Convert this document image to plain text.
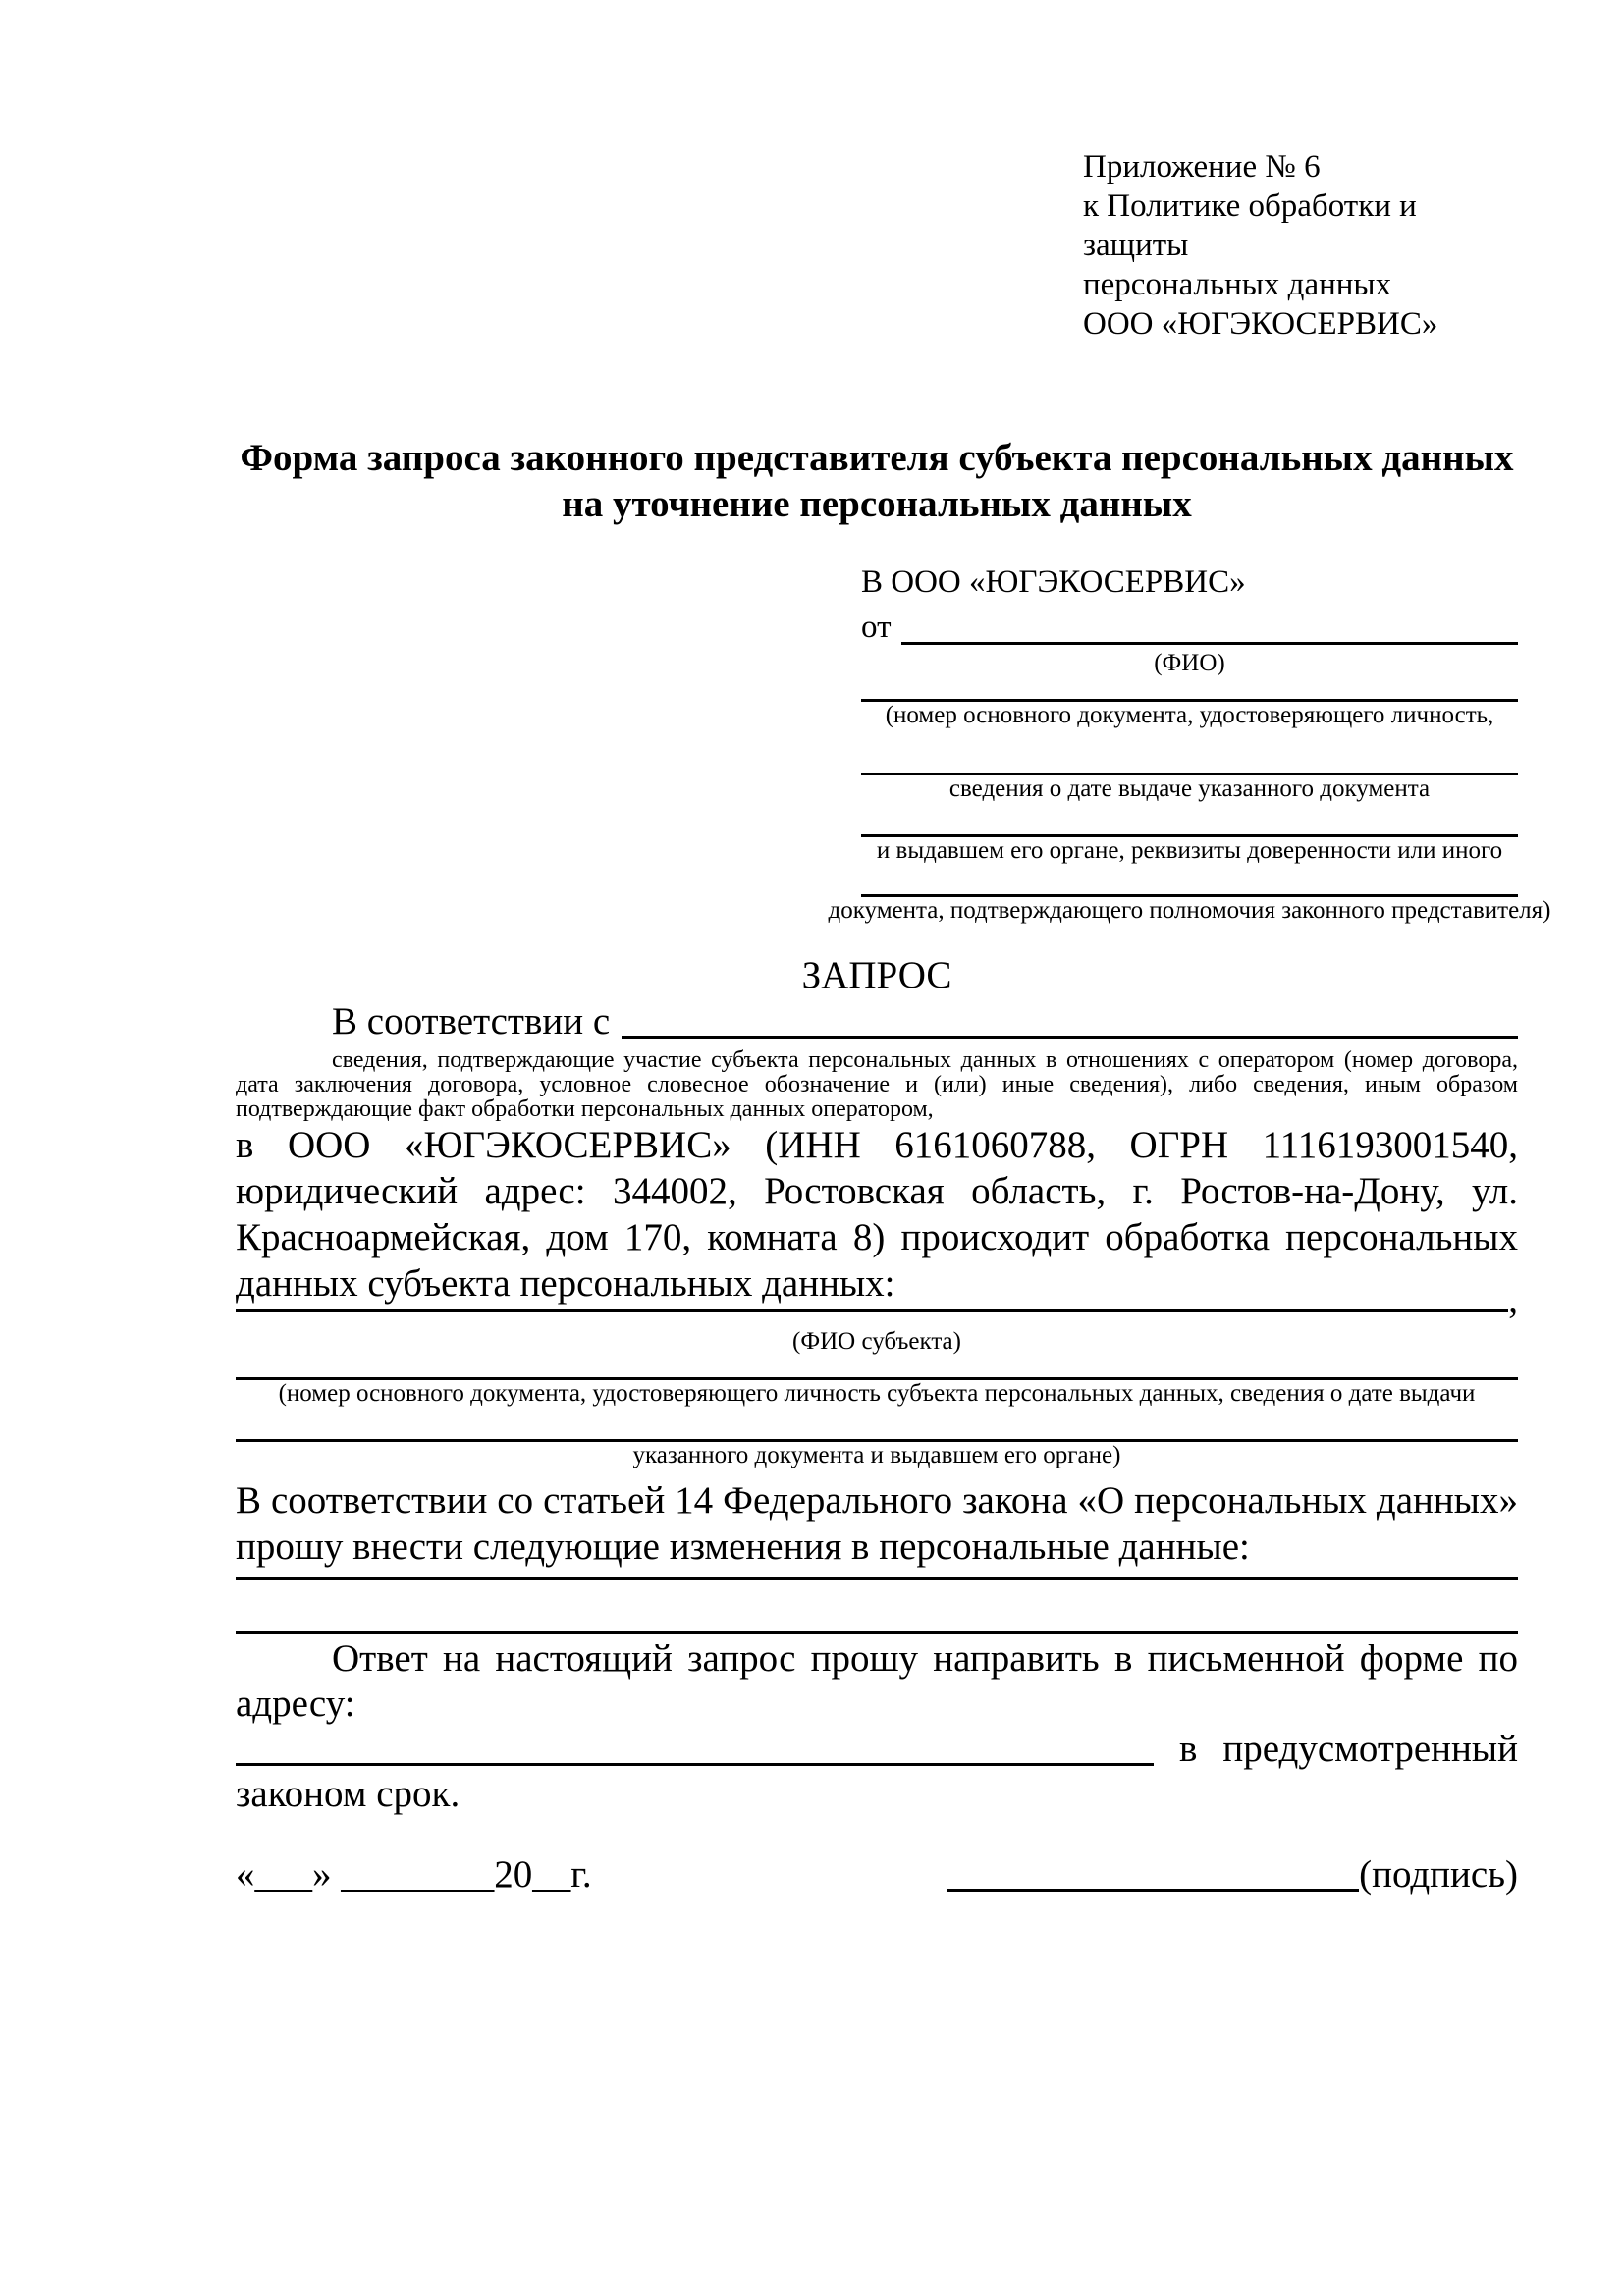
Приложение № 6
к Политике обработки и защиты
персональных данных
ООО «ЮГЭКОСЕРВИС»
Форма запроса законного представителя субъекта персональных данных
на уточнение персональных данных
В ООО «ЮГЭКОСЕРВИС»
от
(ФИО)
(номер основного документа, удостоверяющего личность,
сведения о дате выдаче указанного документа
и выдавшем его органе, реквизиты доверенности или иного
документа, подтверждающего полномочия законного представителя)
ЗАПРОС
В соответствии с
сведения, подтверждающие участие субъекта персональных данных в отношениях с оператором (номер договора, дата заключения договора, условное словесное обозначение и (или) иные сведения), либо сведения, иным образом подтверждающие факт обработки персональных данных оператором,
в ООО «ЮГЭКОСЕРВИС» (ИНН 6161060788, ОГРН 1116193001540, юридический адрес: 344002, Ростовская область, г. Ростов-на-Дону, ул. Красноармейская, дом 170, комната 8) происходит обработка персональных данных субъекта персональных данных:	,
(ФИО субъекта)
(номер основного документа, удостоверяющего личность субъекта персональных данных, сведения о дате выдачи
указанного документа и выдавшем его органе)
В соответствии со статьей 14 Федерального закона «О персональных данных» прошу внести следующие изменения в персональные данные:
Ответ на настоящий запрос прошу направить в письменной форме по адресу:
в предусмотренный
законом срок.
«___» ________20__г.	(подпись)
